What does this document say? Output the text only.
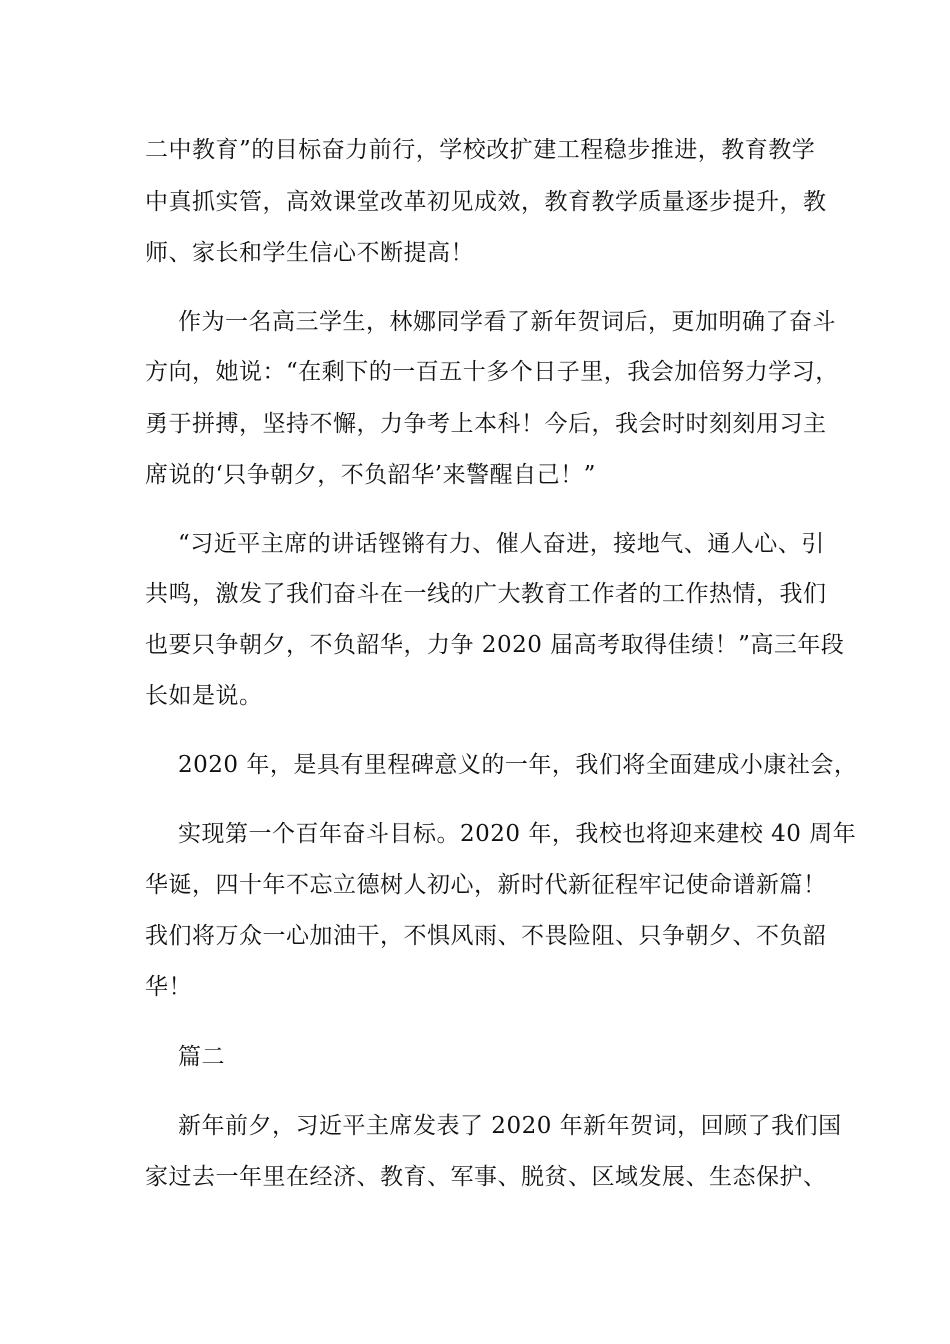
二中教育”的目标奋力前行，学校改扩建工程稳步推进，教育教学
中真抓实管，高效课堂改革初见成效，教育教学质量逐步提升，教
师、家长和学生信心不断提高！
作为一名高三学生，林娜同学看了新年贺词后，更加明确了奋斗
方向，她说：“在剩下的一百五十多个日子里，我会加倍努力学习，
勇于拼搏，坚持不懈，力争考上本科！今后，我会时时刻刻用习主
席说的‘只争朝夕，不负韶华’来警醒自己！”
“习近平主席的讲话铿锵有力、催人奋进，接地气、通人心、引
共鸣，激发了我们奋斗在一线的广大教育工作者的工作热情，我们
也要只争朝夕，不负韶华，力争 2020 届高考取得佳绩！”高三年段
长如是说。
2020 年，是具有里程碑意义的一年，我们将全面建成小康社会，
实现第一个百年奋斗目标。2020 年，我校也将迎来建校 40 周年
华诞，四十年不忘立德树人初心，新时代新征程牢记使命谱新篇！
我们将万众一心加油干，不惧风雨、不畏险阻、只争朝夕、不负韶
华！
篇二
新年前夕，习近平主席发表了 2020 年新年贺词，回顾了我们国
家过去一年里在经济、教育、军事、脱贫、区域发展、生态保护、
